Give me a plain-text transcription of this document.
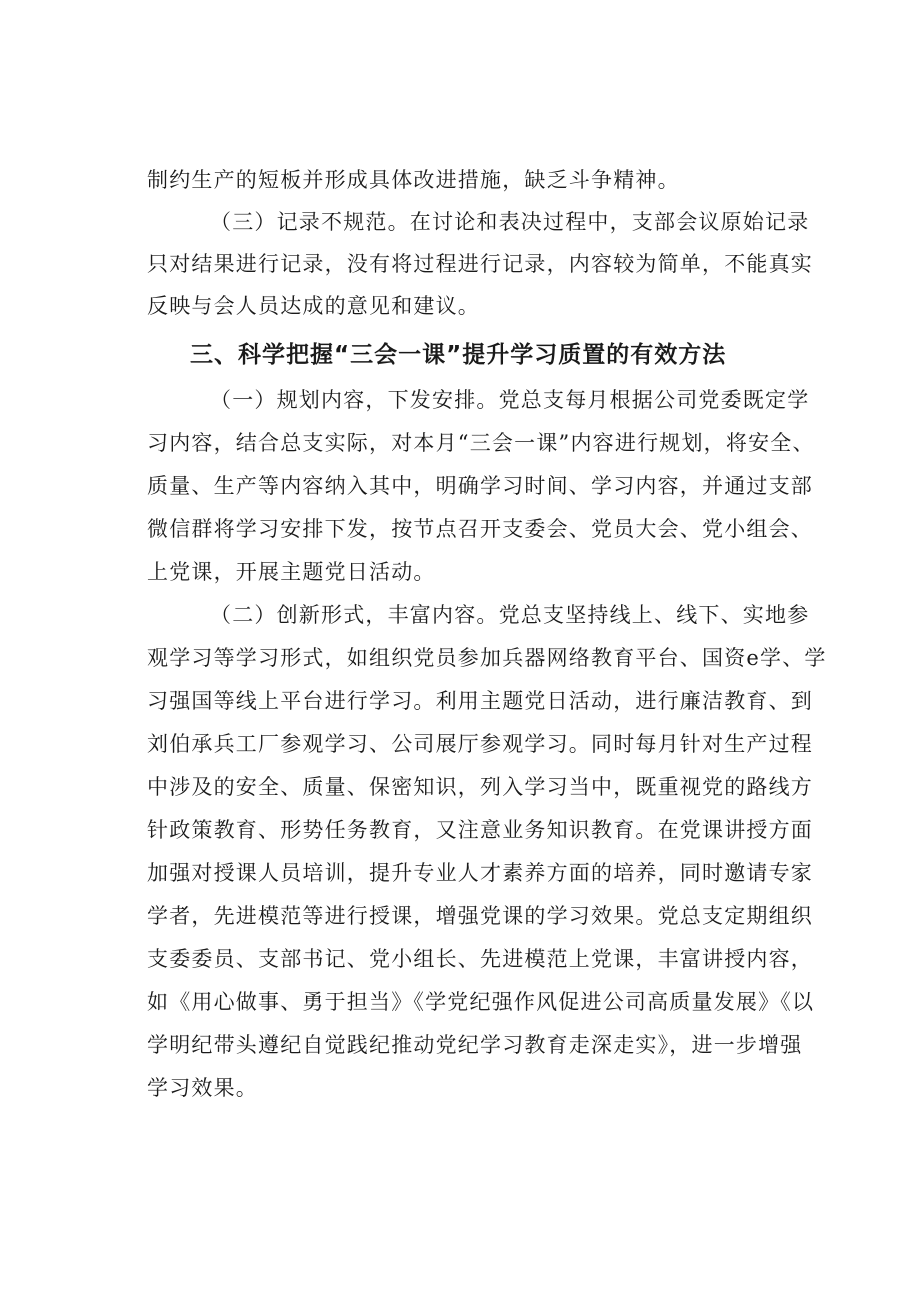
制约生产的短板并形成具体改进措施，缺乏斗争精神。
（三）记录不规范。在讨论和表决过程中，支部会议原始记录
只对结果进行记录，没有将过程进行记录，内容较为简单，不能真实
反映与会人员达成的意见和建议。
三、科学把握“三会一课”提升学习质置的有效方法
（一）规划内容，下发安排。党总支每月根据公司党委既定学
习内容，结合总支实际，对本月“三会一课”内容进行规划，将安全、
质量、生产等内容纳入其中，明确学习时间、学习内容，并通过支部
微信群将学习安排下发，按节点召开支委会、党员大会、党小组会、
上党课，开展主题党日活动。
（二）创新形式，丰富内容。党总支坚持线上、线下、实地参
观学习等学习形式，如组织党员参加兵器网络教育平台、国资e学、学
习强国等线上平台进行学习。利用主题党日活动，进行廉洁教育、到
刘伯承兵工厂参观学习、公司展厅参观学习。同时每月针对生产过程
中涉及的安全、质量、保密知识，列入学习当中，既重视党的路线方
针政策教育、形势任务教育，又注意业务知识教育。在党课讲授方面
加强对授课人员培训，提升专业人才素养方面的培养，同时邀请专家
学者，先进模范等进行授课，增强党课的学习效果。党总支定期组织
支委委员、支部书记、党小组长、先进模范上党课，丰富讲授内容，
如《用心做事、勇于担当》《学党纪强作风促进公司高质量发展》《以
学明纪带头遵纪自觉践纪推动党纪学习教育走深走实》，进一步增强
学习效果。
